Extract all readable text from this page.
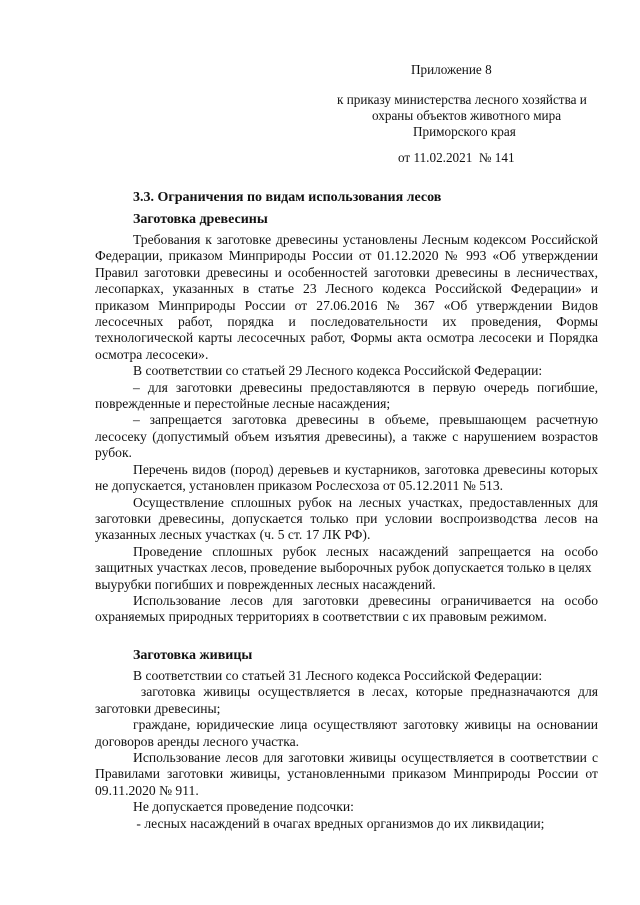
Приложение 8
к приказу министерства лесного хозяйства и
охраны объектов животного мира
Приморского края
от 11.02.2021  № 141
3.3. Ограничения по видам использования лесов
Заготовка древесины

Требования к заготовке древесины установлены Лесным кодексом Российской Федерации, приказом Минприроды России от 01.12.2020 № 993 «Об утверждении Правил заготовки древесины и особенностей заготовки древесины в лесничествах, лесопарках, указанных в статье 23 Лесного кодекса Российской Федерации» и приказом Минприроды России от 27.06.2016 № 367 «Об утверждении Видов лесосечных работ, порядка и последовательности их проведения, Формы технологической карты лесосечных работ, Формы акта осмотра лесосеки и Порядка осмотра лесосеки».

В соответствии со статьей 29 Лесного кодекса Российской Федерации:

– для заготовки древесины предоставляются в первую очередь погибшие, поврежденные и перестойные лесные насаждения;

– запрещается заготовка древесины в объеме, превышающем расчетную лесосеку (допустимый объем изъятия древесины), а также с нарушением возрастов рубок.

Перечень видов (пород) деревьев и кустарников, заготовка древесины которых не допускается, установлен приказом Рослесхоза от 05.12.2011 № 513.

Осуществление сплошных рубок на лесных участках, предоставленных для заготовки древесины, допускается только при условии воспроизводства лесов на указанных лесных участках (ч. 5 ст. 17 ЛК РФ).

Проведение сплошных рубок лесных насаждений запрещается на особо защитных участках лесов, проведение выборочных рубок допускается только в целях

выурубки погибших и поврежденных лесных насаждений.

Использование лесов для заготовки древесины ограничивается на особо охраняемых природных территориях в соответствии с их правовым режимом.

Заготовка живицы

В соответствии со статьей 31 Лесного кодекса Российской Федерации:

заготовка живицы осуществляется в лесах, которые предназначаются для заготовки древесины;

граждане, юридические лица осуществляют заготовку живицы на основании договоров аренды лесного участка.

Использование лесов для заготовки живицы осуществляется в соответствии с Правилами заготовки живицы, установленными приказом Минприроды России от 09.11.2020 № 911.

Не допускается проведение подсочки:

- лесных насаждений в очагах вредных организмов до их ликвидации;
